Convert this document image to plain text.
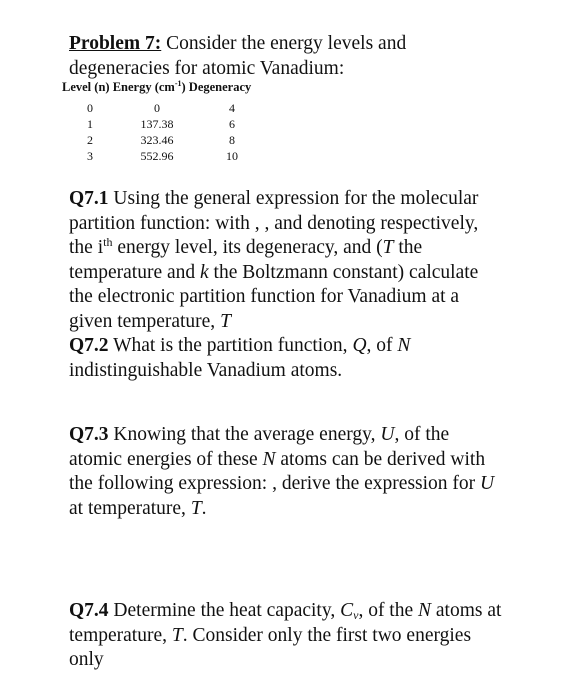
Problem 7: Consider the energy levels and
degeneracies for atomic Vanadium:
Level (n) Energy $(cm^{-1})$ Degeneracy
0	0	4
1	137.38	6
2	323.46	8
3	552.96	10
Q7.1 Using the general expression for the molecular
partition function: with , , and denoting respectively,
the $i^{th}$ energy level, its degeneracy, and (T the
temperature and k the Boltzmann constant) calculate
the electronic partition function for Vanadium at a
given temperature, T
Q7.2 What is the partition function, Q, of N
indistinguishable Vanadium atoms.
Q7.3 Knowing that the average energy, U, of the
atomic energies of these N atoms can be derived with
the following expression: , derive the expression for U
at temperature, T.
Q7.4 Determine the heat capacity, $C_v$, of the N atoms at
temperature, T. Consider only the first two energies
only
